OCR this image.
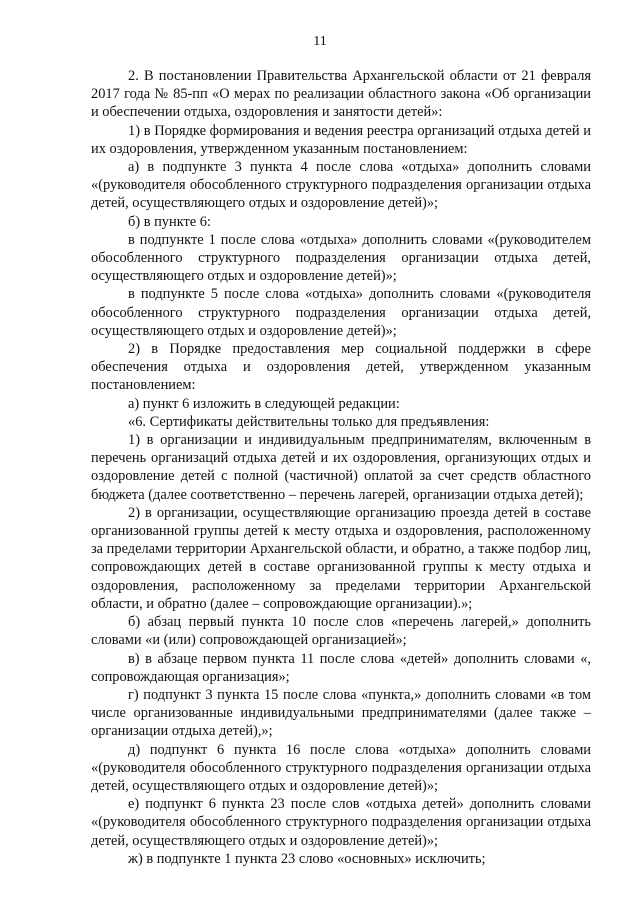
11

2. В постановлении Правительства Архангельской области от 21 февраля 2017 года № 85-пп «О мерах по реализации областного закона «Об организации и обеспечении отдыха, оздоровления и занятости детей»:

1) в Порядке формирования и ведения реестра организаций отдыха детей и их оздоровления, утвержденном указанным постановлением:

а) в подпункте 3 пункта 4 после слова «отдыха» дополнить словами «(руководителя обособленного структурного подразделения организации отдыха детей, осуществляющего отдых и оздоровление детей)»;

б) в пункте 6:

в подпункте 1 после слова «отдыха» дополнить словами «(руководителем обособленного структурного подразделения организации отдыха детей, осуществляющего отдых и оздоровление детей)»;

в подпункте 5 после слова «отдыха» дополнить словами «(руководителя обособленного структурного подразделения организации отдыха детей, осуществляющего отдых и оздоровление детей)»;

2) в Порядке предоставления мер социальной поддержки в сфере обеспечения отдыха и оздоровления детей, утвержденном указанным постановлением:

а) пункт 6 изложить в следующей редакции:

«6. Сертификаты действительны только для предъявления:

1) в организации и индивидуальным предпринимателям, включенным в перечень организаций отдыха детей и их оздоровления, организующих отдых и оздоровление детей с полной (частичной) оплатой за счет средств областного бюджета (далее соответственно – перечень лагерей, организации отдыха детей);

2) в организации, осуществляющие организацию проезда детей в составе организованной группы детей к месту отдыха и оздоровления, расположенному за пределами территории Архангельской области, и обратно, а также подбор лиц, сопровождающих детей в составе организованной группы к месту отдыха и оздоровления, расположенному за пределами территории Архангельской области, и обратно (далее – сопровождающие организации).»;

б) абзац первый пункта 10 после слов «перечень лагерей,» дополнить словами «и (или) сопровождающей организацией»;

в) в абзаце первом пункта 11 после слова «детей» дополнить словами «, сопровождающая организация»;

г) подпункт 3 пункта 15 после слова «пункта,» дополнить словами «в том числе организованные индивидуальными предпринимателями (далее также – организации отдыха детей),»;

д) подпункт 6 пункта 16 после слова «отдыха» дополнить словами «(руководителя обособленного структурного подразделения организации отдыха детей, осуществляющего отдых и оздоровление детей)»;

е) подпункт 6 пункта 23 после слов «отдыха детей» дополнить словами «(руководителя обособленного структурного подразделения организации отдыха детей, осуществляющего отдых и оздоровление детей)»;

ж) в подпункте 1 пункта 23 слово «основных» исключить;
